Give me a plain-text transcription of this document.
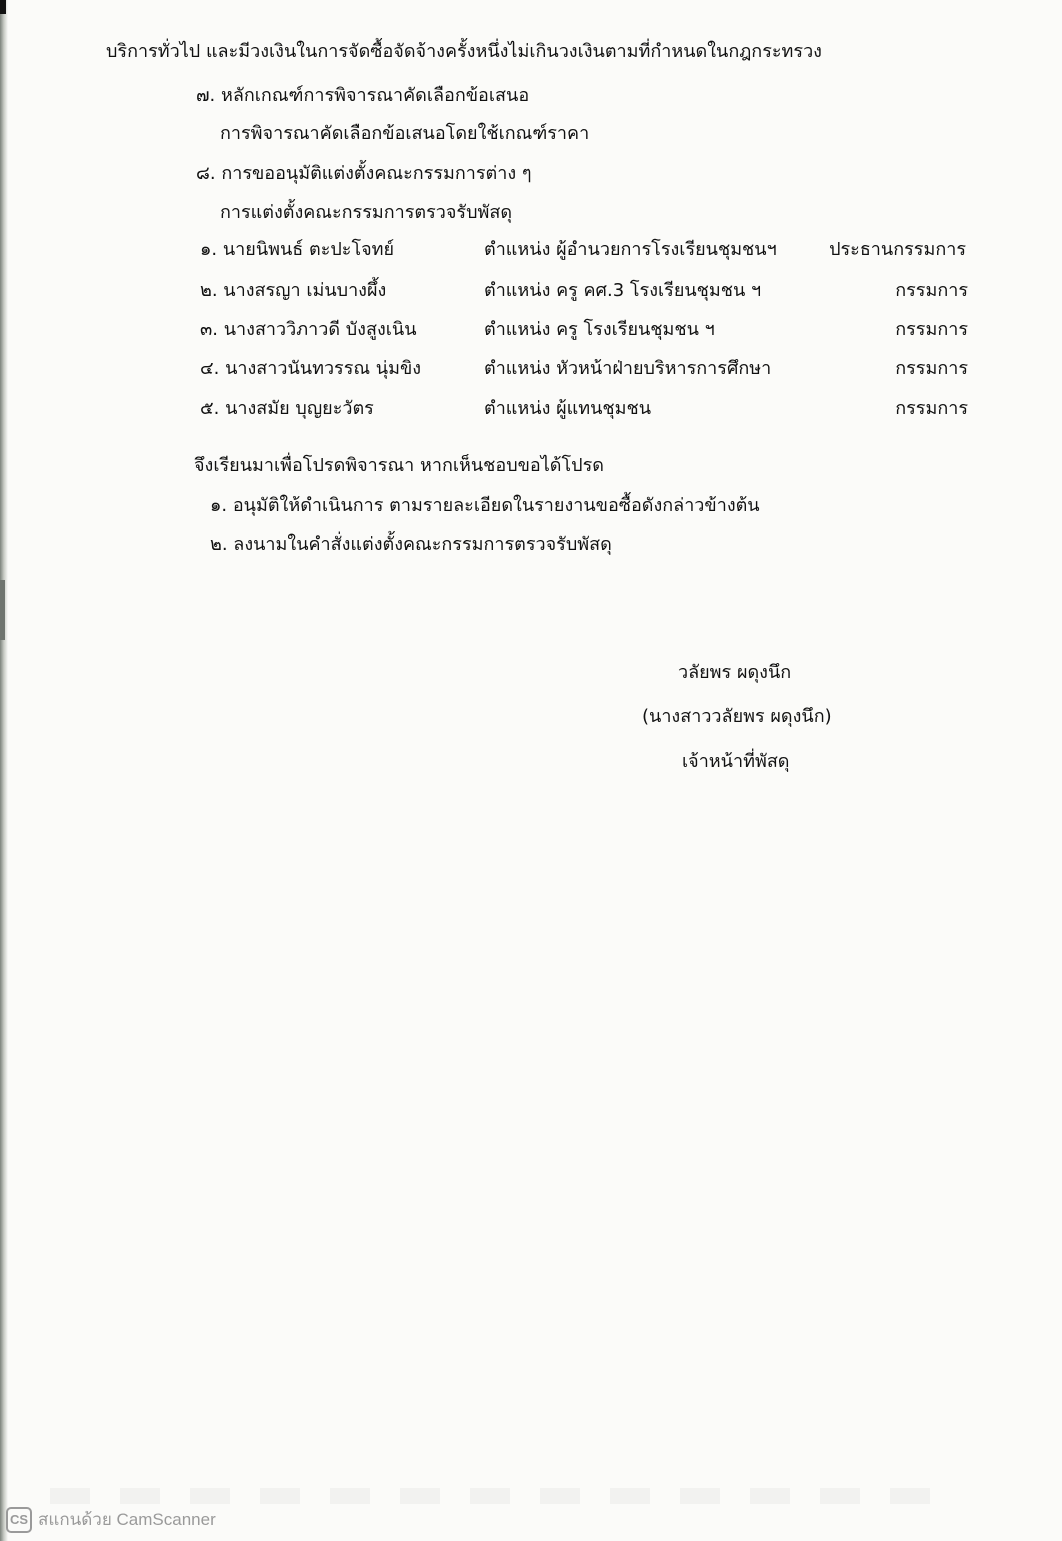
บริการทั่วไป และมีวงเงินในการจัดซื้อจัดจ้างครั้งหนึ่งไม่เกินวงเงินตามที่กำหนดในกฎกระทรวง
๗. หลักเกณฑ์การพิจารณาคัดเลือกข้อเสนอ
การพิจารณาคัดเลือกข้อเสนอโดยใช้เกณฑ์ราคา
๘. การขออนุมัติแต่งตั้งคณะกรรมการต่าง ๆ
การแต่งตั้งคณะกรรมการตรวจรับพัสดุ
๑. นายนิพนธ์ ตะปะโจทย์	ตำแหน่ง ผู้อำนวยการโรงเรียนชุมชนฯ	ประธานกรรมการ
๒. นางสรญา เม่นบางผึ้ง	ตำแหน่ง ครู คศ.3 โรงเรียนชุมชน ฯ	กรรมการ
๓. นางสาววิภาวดี บังสูงเนิน	ตำแหน่ง ครู โรงเรียนชุมชน ฯ	กรรมการ
๔. นางสาวนันทวรรณ นุ่มขิง	ตำแหน่ง หัวหน้าฝ่ายบริหารการศึกษา	กรรมการ
๕. นางสมัย บุญยะวัตร	ตำแหน่ง ผู้แทนชุมชน	กรรมการ
จึงเรียนมาเพื่อโปรดพิจารณา หากเห็นชอบขอได้โปรด
๑. อนุมัติให้ดำเนินการ ตามรายละเอียดในรายงานขอซื้อดังกล่าวข้างต้น
๒. ลงนามในคำสั่งแต่งตั้งคณะกรรมการตรวจรับพัสดุ
วลัยพร ผดุงนึก
(นางสาววลัยพร ผดุงนึก)
เจ้าหน้าที่พัสดุ
CS สแกนด้วย CamScanner
